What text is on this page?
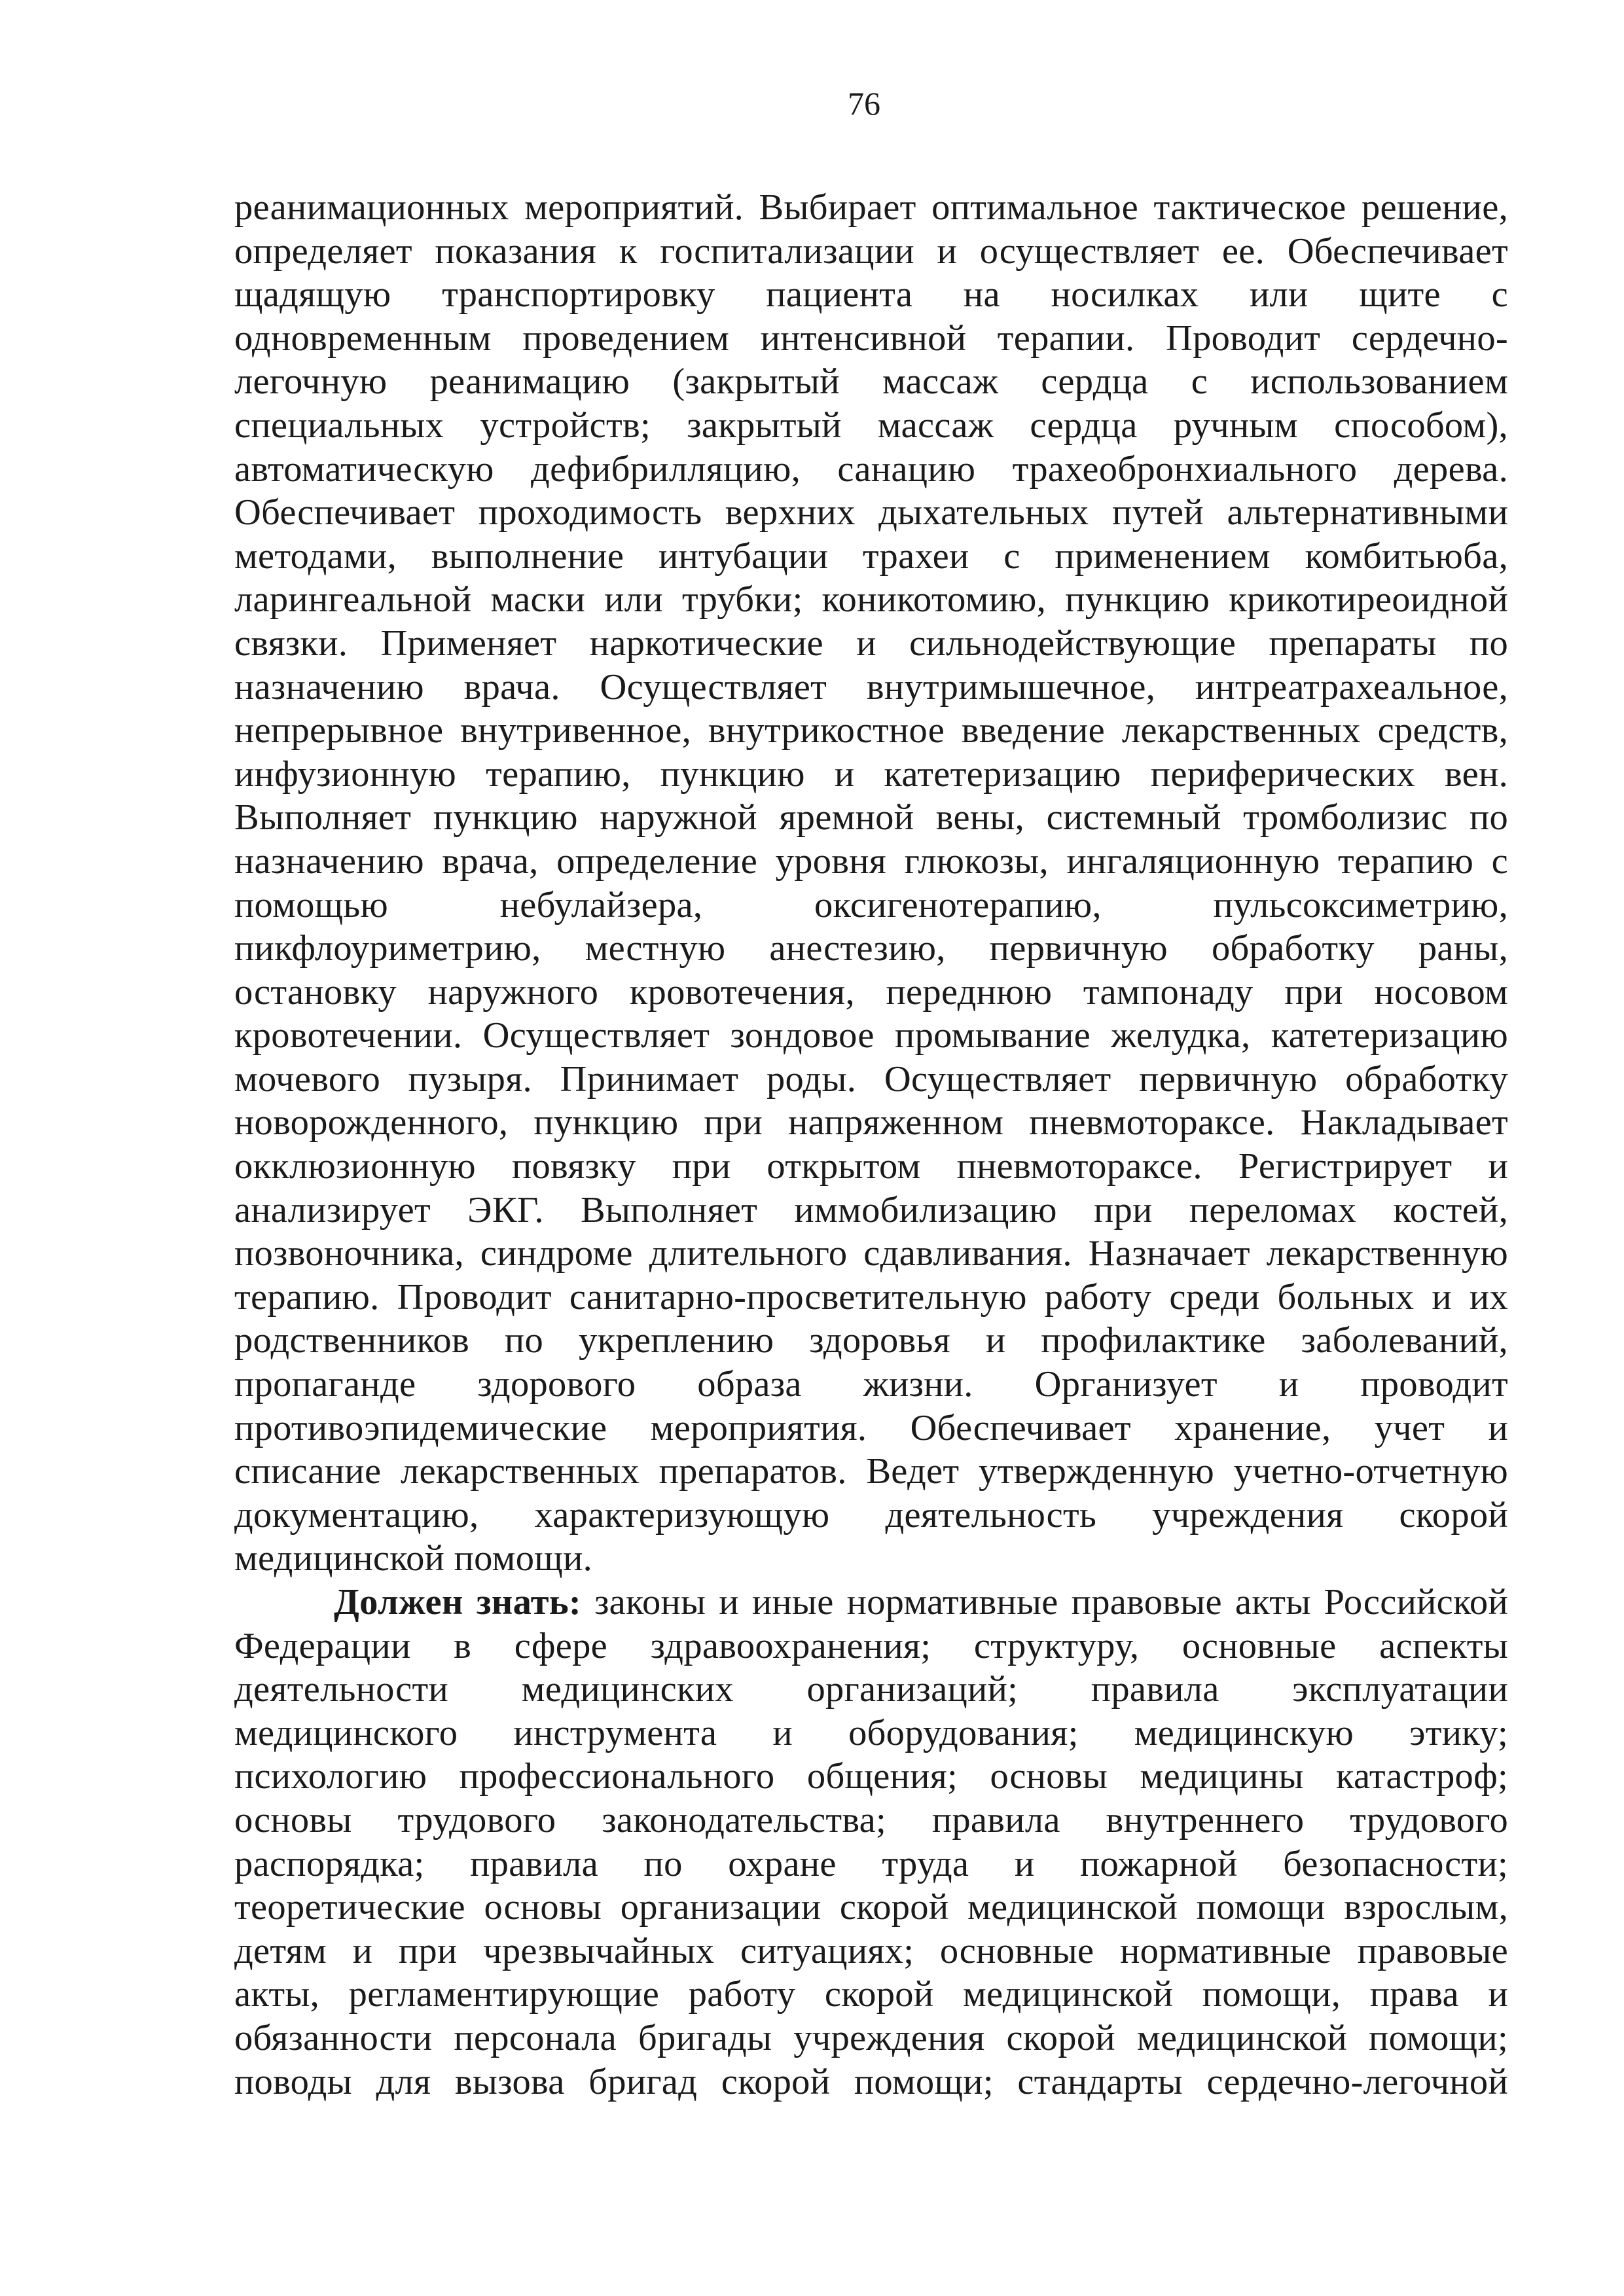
76
реанимационных мероприятий. Выбирает оптимальное тактическое решение,
определяет показания к госпитализации и осуществляет ее. Обеспечивает
щадящую транспортировку пациента на носилках или щите с
одновременным проведением интенсивной терапии. Проводит сердечно-
легочную реанимацию (закрытый массаж сердца с использованием
специальных устройств; закрытый массаж сердца ручным способом),
автоматическую дефибрилляцию, санацию трахеобронхиального дерева.
Обеспечивает проходимость верхних дыхательных путей альтернативными
методами, выполнение интубации трахеи с применением комбитьюба,
ларингеальной маски или трубки; коникотомию, пункцию крикотиреоидной
связки. Применяет наркотические и сильнодействующие препараты по
назначению врача. Осуществляет внутримышечное, интреатрахеальное,
непрерывное внутривенное, внутрикостное введение лекарственных средств,
инфузионную терапию, пункцию и катетеризацию периферических вен.
Выполняет пункцию наружной яремной вены, системный тромболизис по
назначению врача, определение уровня глюкозы, ингаляционную терапию с
помощью небулайзера, оксигенотерапию, пульсоксиметрию,
пикфлоуриметрию, местную анестезию, первичную обработку раны,
остановку наружного кровотечения, переднюю тампонаду при носовом
кровотечении. Осуществляет зондовое промывание желудка, катетеризацию
мочевого пузыря. Принимает роды. Осуществляет первичную обработку
новорожденного, пункцию при напряженном пневмотораксе. Накладывает
окклюзионную повязку при открытом пневмотораксе. Регистрирует и
анализирует ЭКГ. Выполняет иммобилизацию при переломах костей,
позвоночника, синдроме длительного сдавливания. Назначает лекарственную
терапию. Проводит санитарно-просветительную работу среди больных и их
родственников по укреплению здоровья и профилактике заболеваний,
пропаганде здорового образа жизни. Организует и проводит
противоэпидемические мероприятия. Обеспечивает хранение, учет и
списание лекарственных препаратов. Ведет утвержденную учетно-отчетную
документацию, характеризующую деятельность учреждения скорой
медицинской помощи.
Должен знать: законы и иные нормативные правовые акты Российской
Федерации в сфере здравоохранения; структуру, основные аспекты
деятельности медицинских организаций; правила эксплуатации
медицинского инструмента и оборудования; медицинскую этику;
психологию профессионального общения; основы медицины катастроф;
основы трудового законодательства; правила внутреннего трудового
распорядка; правила по охране труда и пожарной безопасности;
теоретические основы организации скорой медицинской помощи взрослым,
детям и при чрезвычайных ситуациях; основные нормативные правовые
акты, регламентирующие работу скорой медицинской помощи, права и
обязанности персонала бригады учреждения скорой медицинской помощи;
поводы для вызова бригад скорой помощи; стандарты сердечно-легочной
